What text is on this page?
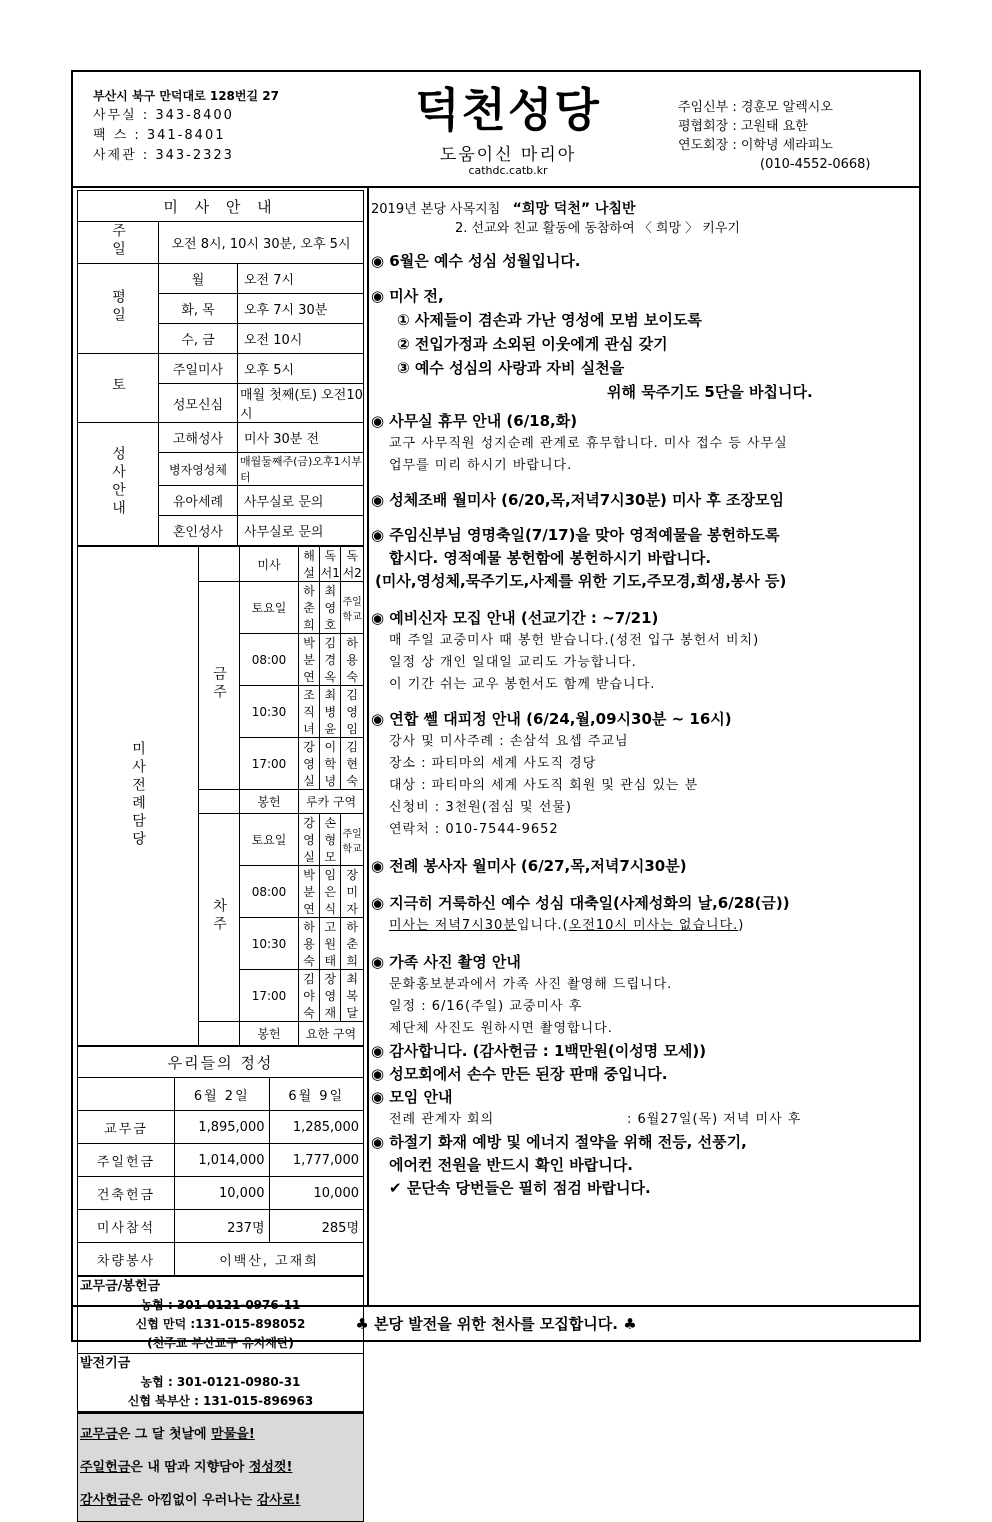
부산시 북구 만덕대로 128번길 27
사무실 : 343-8400
팩 스 : 341-8401
사제관 : 343-2323
덕천성당
도움이신 마리아
cathdc.catb.kr
주임신부 : 경훈모 알렉시오
평협회장 : 고원태 요한
연도회장 : 이학녕 세라피노
(010-4552-0668)
미 사 안 내		
주일	오전 8시, 10시 30분, 오후 5시	
평일	월	오전 7시
	화, 목	오후 7시 30분
	수, 금	오전 10시
토	주일미사	오후 5시
	성모신심	매월 첫째(토) 오전10시
성사안내	고해성사	미사 30분 전
	병자영성체	매월둘째주(금)오후1시부터
	유아세례	사무실로 문의
	혼인성사	사무실로 문의
미사전례담당		미사	해 설	독서1	독서2
	금주	토요일	하춘희	최영호	주일학교
		08:00	박분연	김경옥	하용숙
		10:30	조직녀	최병윤	김영임
		17:00	강영실	이학녕	김현숙
		봉헌	루카 구역		
	차주	토요일	강영실	손형모	주일학교
		08:00	박분연	임은식	장미자
		10:30	하용숙	고원태	하춘희
		17:00	김야숙	장영재	최복달
		봉헌	요한 구역		
우리들의 정성		
	6월 2일	6월 9일
교무금	1,895,000	1,285,000
주일헌금	1,014,000	1,777,000
건축헌금	10,000	10,000
미사참석	237명	285명
차량봉사	이백산, 고재희	
교무금/봉헌금
농협 : 301-0121-0976-11
신협 만덕 :131-015-898052
(천주교 부산교구 유지재단)
발전기금
농협 : 301-0121-0980-31
신협 북부산 : 131-015-896963
교무금은 그 달 첫날에 맏물을!
주일헌금은 내 땀과 지향담아 정성껏!
감사헌금은 아낌없이 우러나는 감사로!
2019년 본당 사목지침 “희망 덕천” 나침반
2. 선교와 친교 활동에 동참하여 〈 희망 〉 키우기
◉ 6월은 예수 성심 성월입니다.
◉ 미사 전,
① 사제들이 겸손과 가난 영성에 모범 보이도록
② 전입가정과 소외된 이웃에게 관심 갖기
③ 예수 성심의 사랑과 자비 실천을
위해 묵주기도 5단을 바칩니다.
◉ 사무실 휴무 안내 (6/18,화)
교구 사무직원 성지순례 관계로 휴무합니다. 미사 접수 등 사무실
업무를 미리 하시기 바랍니다.
◉ 성체조배 월미사 (6/20,목,저녁7시30분) 미사 후 조장모임
◉ 주임신부님 영명축일(7/17)을 맞아 영적예물을 봉헌하도록
합시다. 영적예물 봉헌함에 봉헌하시기 바랍니다.
(미사,영성체,묵주기도,사제를 위한 기도,주모경,희생,봉사 등)
◉ 예비신자 모집 안내 (선교기간 : ~7/21)
매 주일 교중미사 때 봉헌 받습니다.(성전 입구 봉헌서 비치)
일정 상 개인 일대일 교리도 가능합니다.
이 기간 쉬는 교우 봉헌서도 함께 받습니다.
◉ 연합 쎌 대피정 안내 (6/24,월,09시30분 ~ 16시)
강사 및 미사주례 : 손삼석 요셉 주교님
장소 : 파티마의 세계 사도직 경당
대상 : 파티마의 세계 사도직 회원 및 관심 있는 분
신청비 : 3천원(점심 및 선물)
연락처 : 010-7544-9652
◉ 전례 봉사자 월미사 (6/27,목,저녁7시30분)
◉ 지극히 거룩하신 예수 성심 대축일(사제성화의 날,6/28(금))
미사는 저녁7시30분입니다.(오전10시 미사는 없습니다.)
◉ 가족 사진 촬영 안내
문화홍보분과에서 가족 사진 촬영해 드립니다.
일정 : 6/16(주일) 교중미사 후
제단체 사진도 원하시면 촬영합니다.
◉ 감사합니다. (감사헌금 : 1백만원(이성명 모세))
◉ 성모회에서 손수 만든 된장 판매 중입니다.
◉ 모임 안내
전례 관계자 회의	: 6월27일(목) 저녁 미사 후
◉ 하절기 화재 예방 및 에너지 절약을 위해 전등, 선풍기,
에어컨 전원을 반드시 확인 바랍니다.
✔ 문단속 당번들은 필히 점검 바랍니다.
♣ 본당 발전을 위한 천사를 모집합니다. ♣
